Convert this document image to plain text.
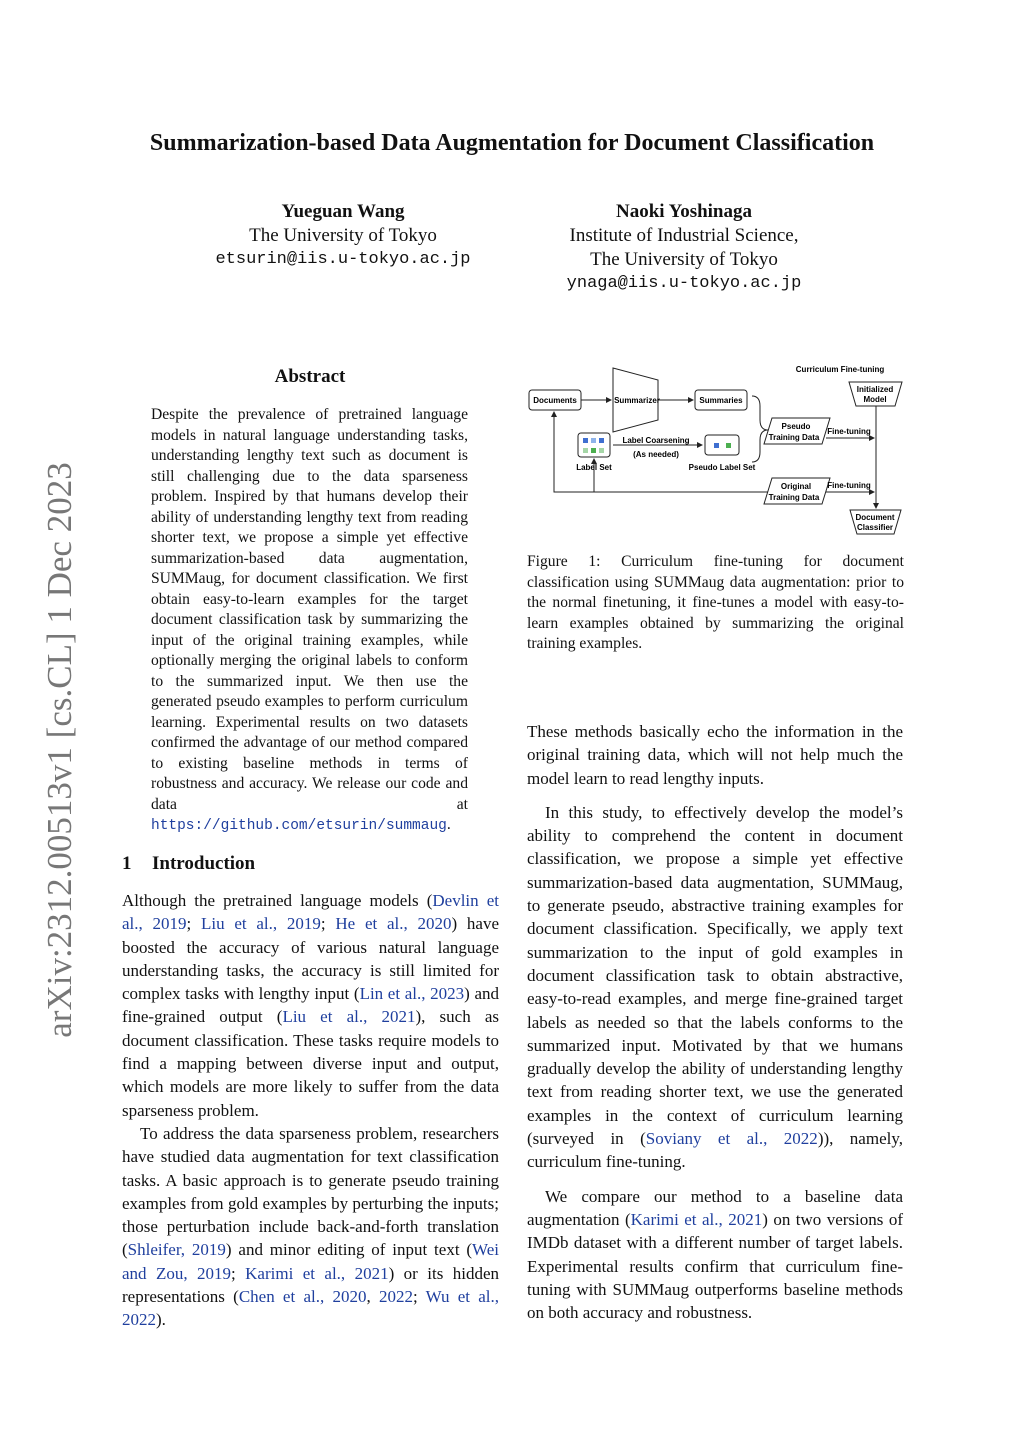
Summarization-based Data Augmentation for Document Classification
Yueguan Wang
The University of Tokyo
etsurin@iis.u-tokyo.ac.jp
Naoki Yoshinaga
Institute of Industrial Science,
The University of Tokyo
ynaga@iis.u-tokyo.ac.jp
arXiv:2312.00513v1 [cs.CL] 1 Dec 2023
Abstract
Despite the prevalence of pretrained language models in natural language understanding tasks, understanding lengthy text such as document is still challenging due to the data sparseness problem. Inspired by that humans develop their ability of understanding lengthy text from reading shorter text, we propose a simple yet effective summarization-based data augmentation, SUMMaug, for document classification. We first obtain easy-to-learn examples for the target document classification task by summarizing the input of the original training examples, while optionally merging the original labels to conform to the summarized input. We then use the generated pseudo examples to perform curriculum learning. Experimental results on two datasets confirmed the advantage of our method compared to existing baseline methods in terms of robustness and accuracy. We release our code and data at https://github.com/etsurin/summaug.
1 Introduction

Although the pretrained language models (Devlin et al., 2019; Liu et al., 2019; He et al., 2020) have boosted the accuracy of various natural language understanding tasks, the accuracy is still limited for complex tasks with lengthy input (Lin et al., 2023) and fine-grained output (Liu et al., 2021), such as document classification. These tasks require models to find a mapping between diverse input and output, which models are more likely to suffer from the data sparseness problem.

To address the data sparseness problem, researchers have studied data augmentation for text classification tasks. A basic approach is to generate pseudo training examples from gold examples by perturbing the inputs; those perturbation include back-and-forth translation (Shleifer, 2019) and minor editing of input text (Wei and Zou, 2019; Karimi et al., 2021) or its hidden representations (Chen et al., 2020, 2022; Wu et al., 2022).

Figure 1: Curriculum fine-tuning for document classification using SUMMaug data augmentation: prior to the normal finetuning, it fine-tunes a model with easy-to-learn examples obtained by summarizing the original training examples.

These methods basically echo the information in the original training data, which will not help much the model learn to read lengthy inputs.

In this study, to effectively develop the model’s ability to comprehend the content in document classification, we propose a simple yet effective summarization-based data augmentation, SUMMaug, to generate pseudo, abstractive training examples for document classification. Specifically, we apply text summarization to the input of gold examples in document classification task to obtain abstractive, easy-to-read examples, and merge fine-grained target labels as needed so that the labels conforms to the summarized input. Motivated by that we humans gradually develop the ability of understanding lengthy text from reading shorter text, we use the generated examples in the context of curriculum learning (surveyed in (Soviany et al., 2022)), namely, curriculum fine-tuning.

We compare our method to a baseline data augmentation (Karimi et al., 2021) on two versions of IMDb dataset with a different number of target labels. Experimental results confirm that curriculum fine-tuning with SUMMaug outperforms baseline methods on both accuracy and robustness.

Documents	Summarizer	Summaries
Label Coarsening
(As needed)
Label Set	Pseudo Label Set
Curriculum Fine-tuning
Initialized
Model
Pseudo
Training Data
Fine-tuning
Original
Training Data
Fine-tuning
Document
Classifier
